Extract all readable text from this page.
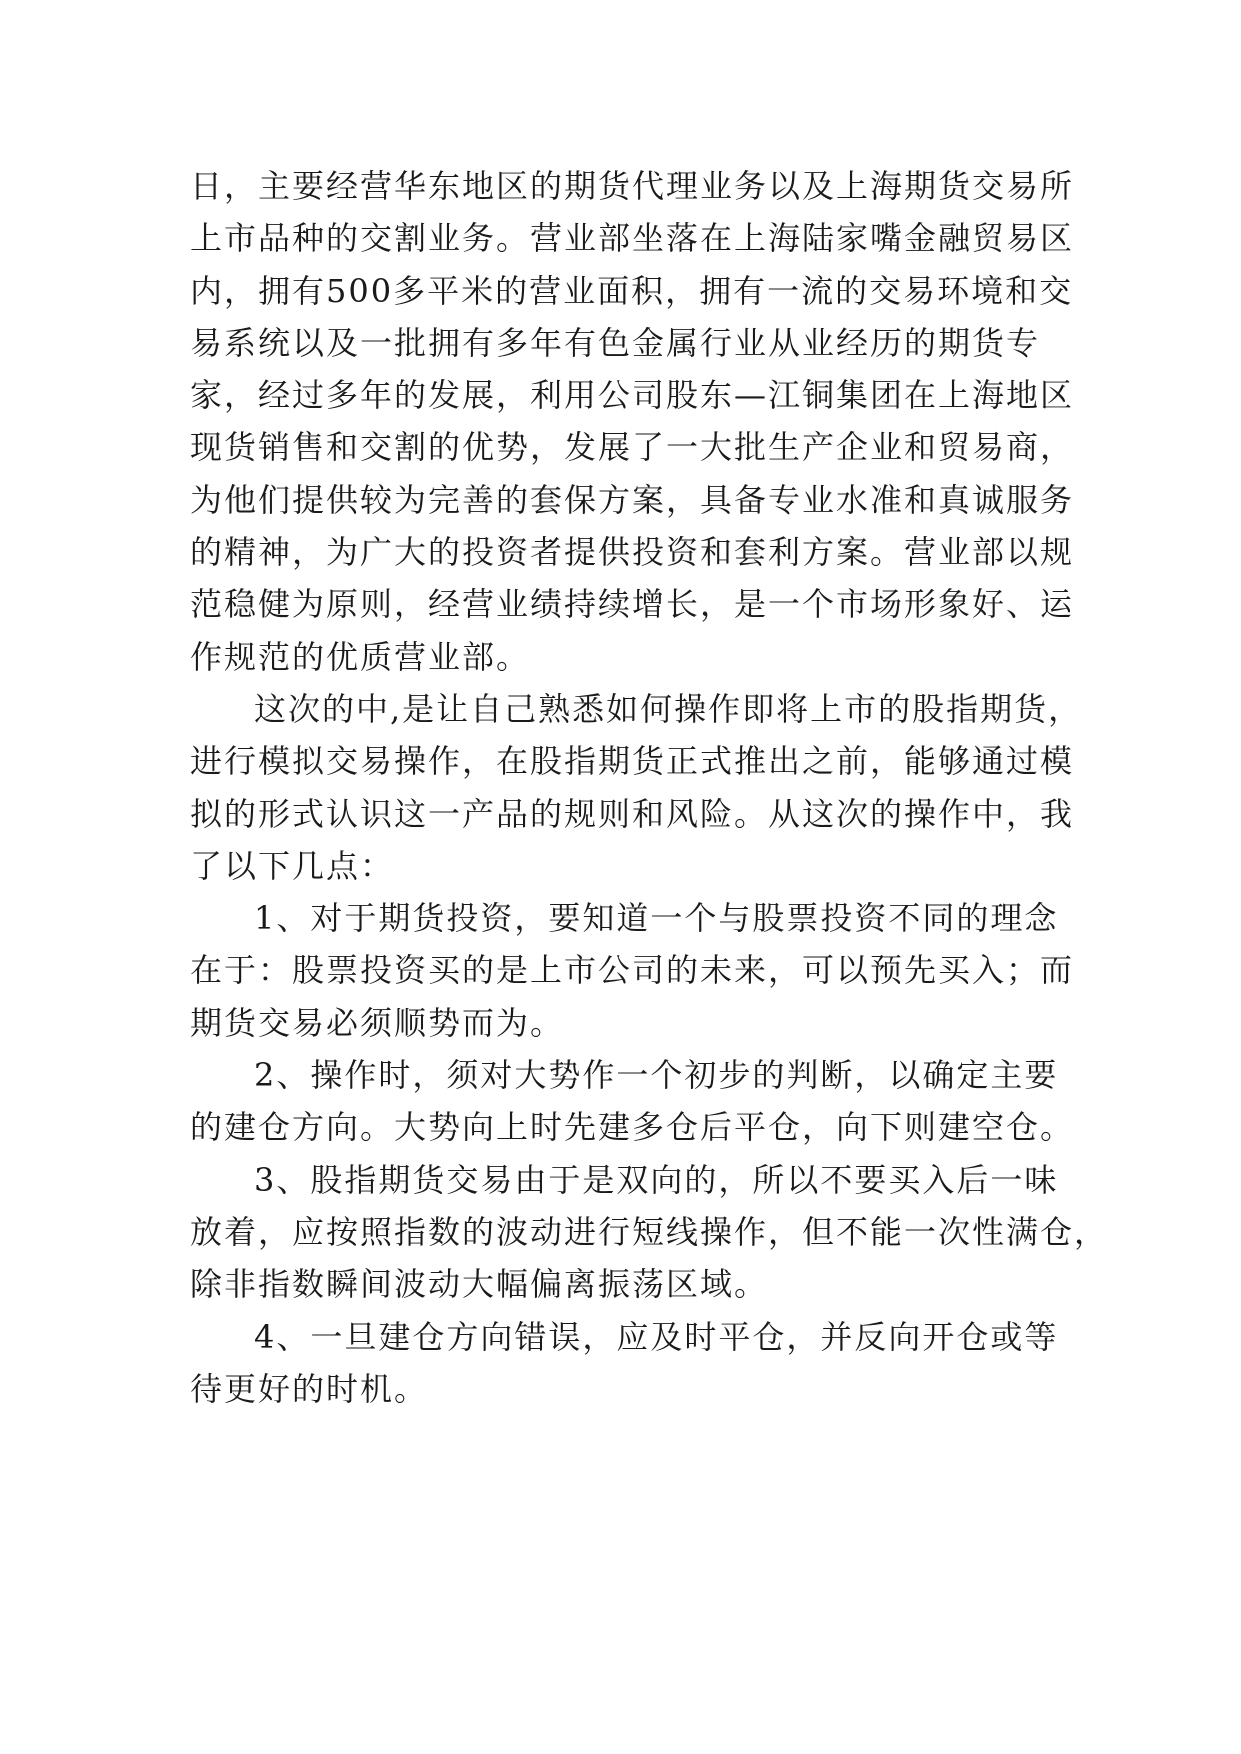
日，主要经营华东地区的期货代理业务以及上海期货交易所
上市品种的交割业务。营业部坐落在上海陆家嘴金融贸易区
内，拥有500多平米的营业面积，拥有一流的交易环境和交
易系统以及一批拥有多年有色金属行业从业经历的期货专
家，经过多年的发展，利用公司股东—江铜集团在上海地区
现货销售和交割的优势，发展了一大批生产企业和贸易商，
为他们提供较为完善的套保方案，具备专业水准和真诚服务
的精神，为广大的投资者提供投资和套利方案。营业部以规
范稳健为原则，经营业绩持续增长，是一个市场形象好、运
作规范的优质营业部。

这次的中,是让自己熟悉如何操作即将上市的股指期货，
进行模拟交易操作，在股指期货正式推出之前，能够通过模
拟的形式认识这一产品的规则和风险。从这次的操作中，我
了以下几点：

1、对于期货投资，要知道一个与股票投资不同的理念
在于：股票投资买的是上市公司的未来，可以预先买入；而
期货交易必须顺势而为。

2、操作时，须对大势作一个初步的判断，以确定主要
的建仓方向。大势向上时先建多仓后平仓，向下则建空仓。

3、股指期货交易由于是双向的，所以不要买入后一味
放着，应按照指数的波动进行短线操作，但不能一次性满仓，
除非指数瞬间波动大幅偏离振荡区域。

4、一旦建仓方向错误，应及时平仓，并反向开仓或等
待更好的时机。
